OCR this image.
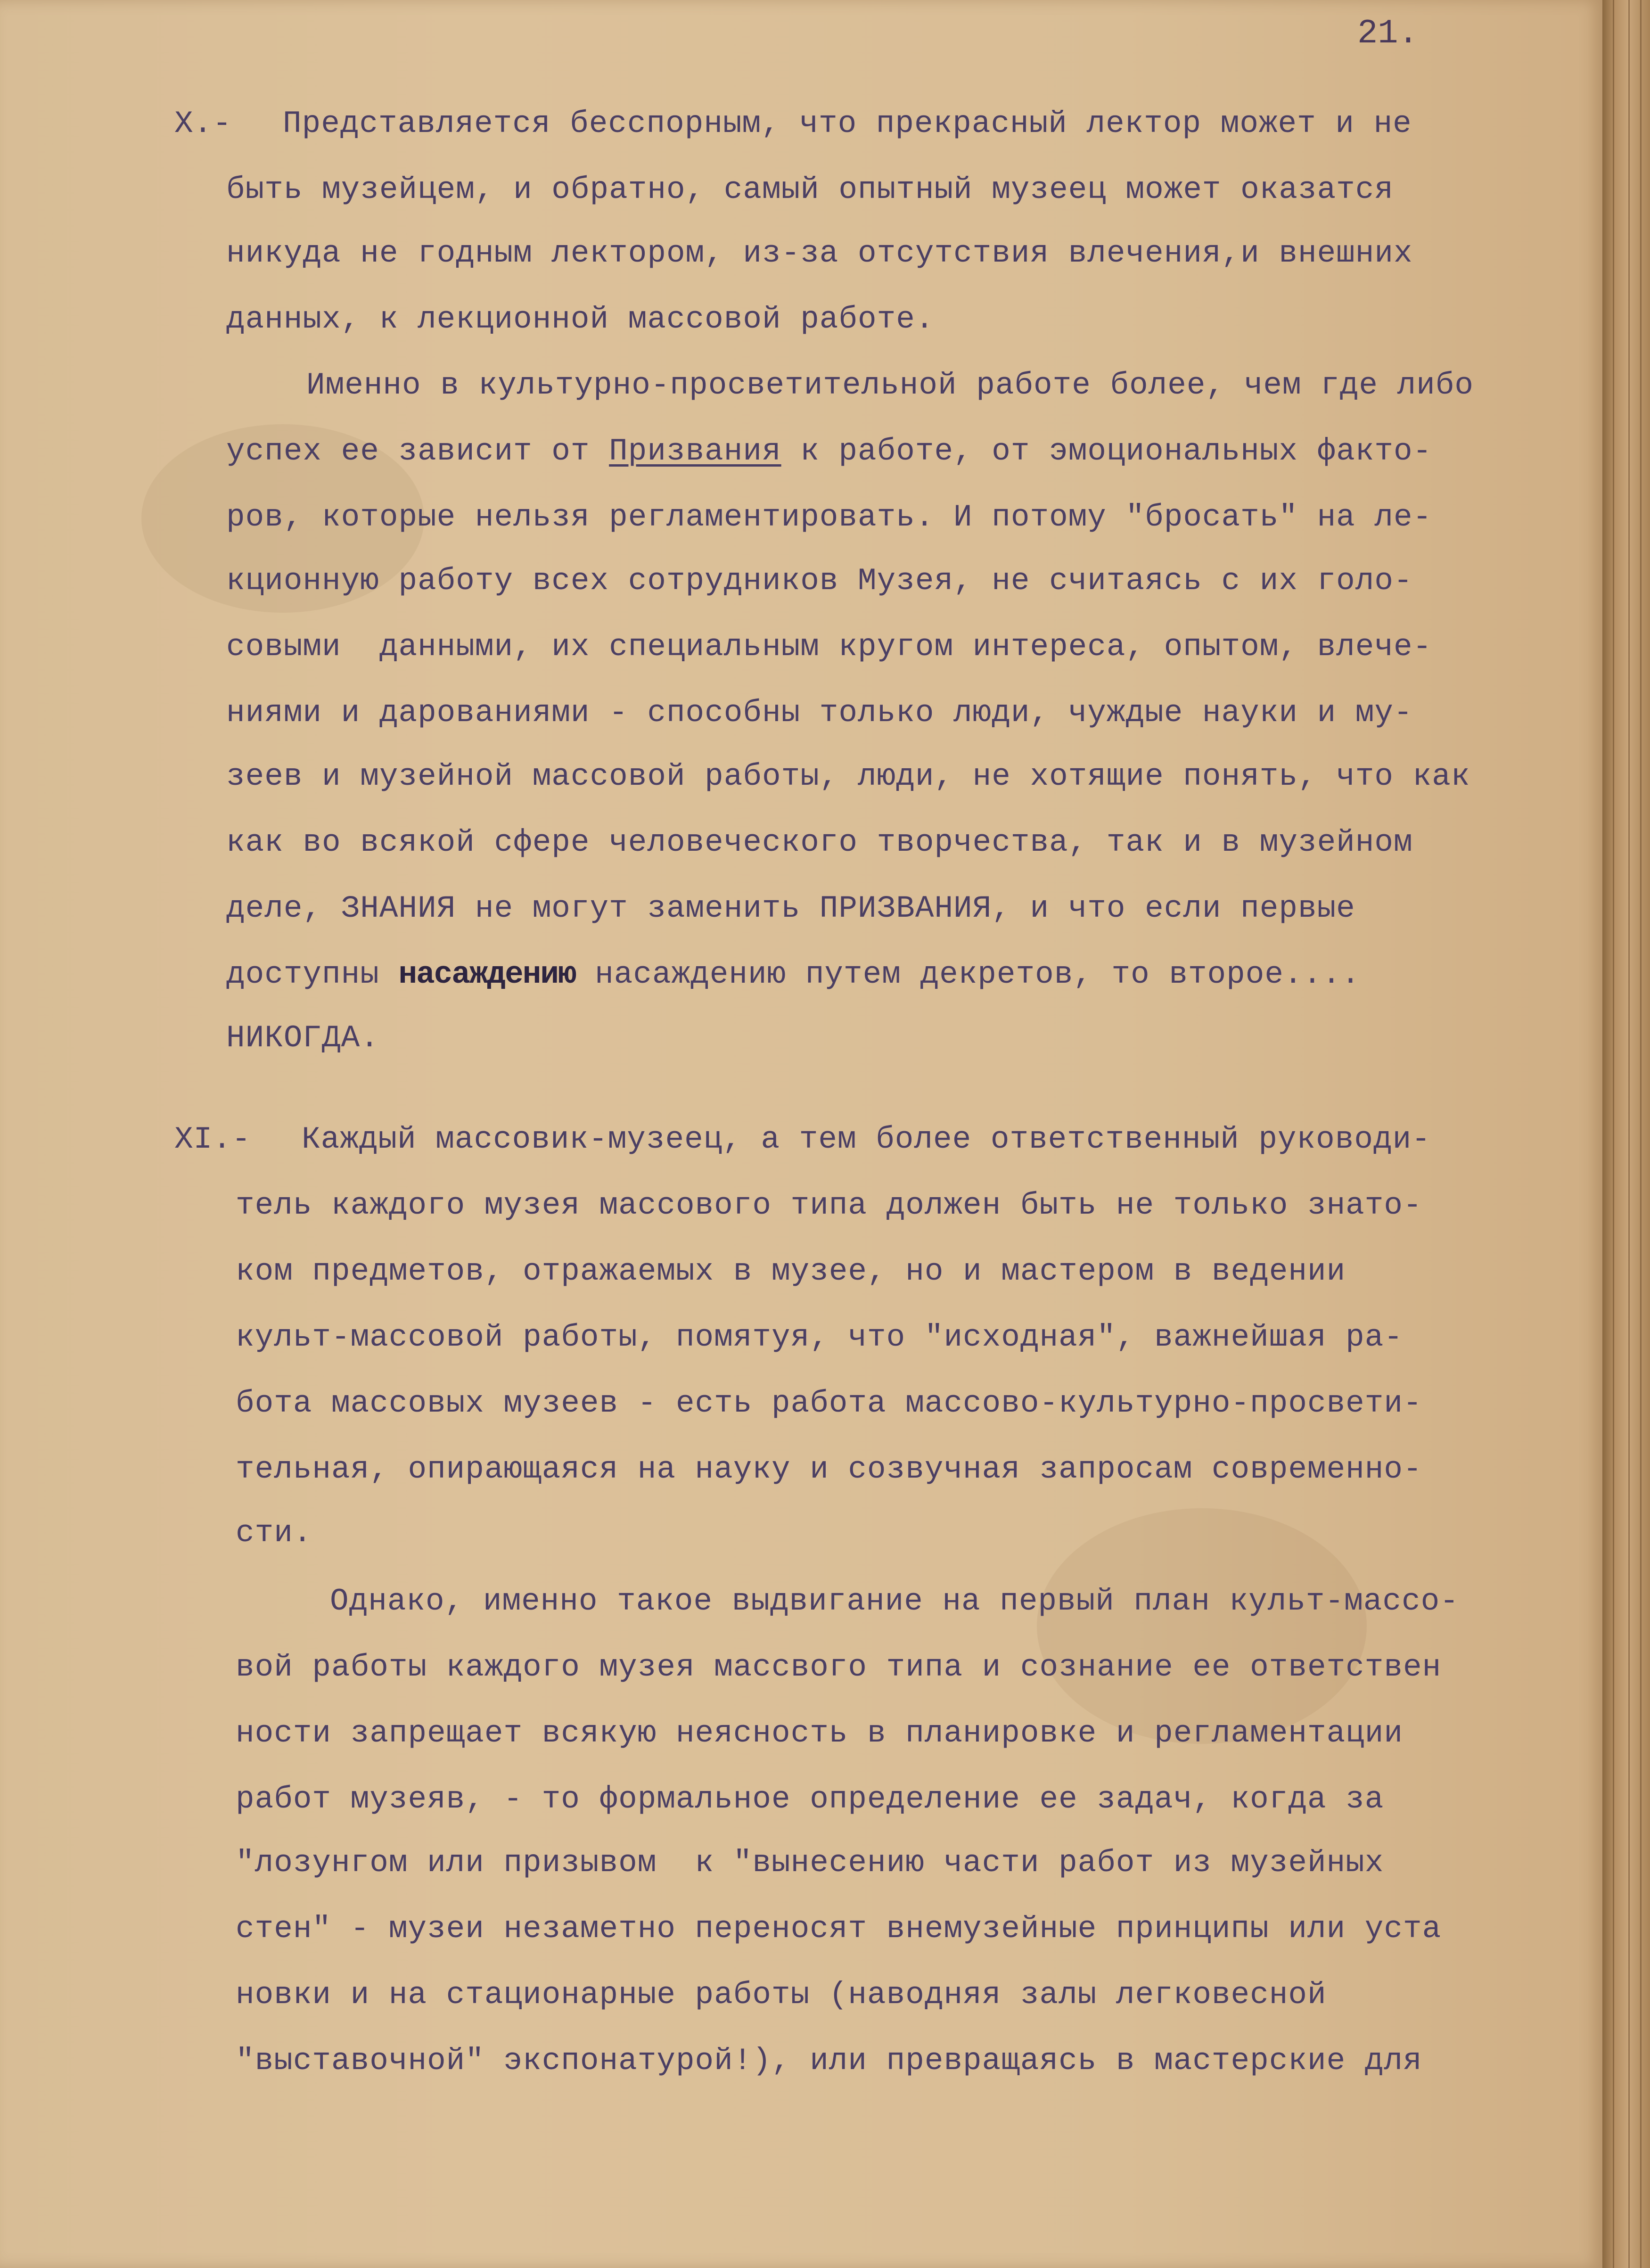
21.
X.- Представляется бесспорным, что прекрасный лектор может и не
быть музейцем, и обратно, самый опытный музеец может оказатся
никуда не годным лектором, из-за отсутствия влечения,и внешних
данных, к лекционной массовой работе.
Именно в культурно-просветительной работе более, чем где либо
успех ее зависит от Призвания к работе, от эмоциональных факто-
ров, которые нельзя регламентировать. И потому "бросать" на ле-
кционную работу всех сотрудников Музея, не считаясь с их голо-
совыми  данными, их специальным кругом интереса, опытом, влече-
ниями и дарованиями - способны только люди, чуждые науки и му-
зеев и музейной массовой работы, люди, не хотящие понять, что как
как во всякой сфере человеческого творчества, так и в музейном
деле, ЗНАНИЯ не могут заменить ПРИЗВАНИЯ, и что если первые
доступны насаждению насаждению путем декретов, то второе....
НИКОГДА.
XI.- Каждый массовик-музеец, а тем более ответственный руководи-
тель каждого музея массового типа должен быть не только знато-
ком предметов, отражаемых в музее, но и мастером в ведении
культ-массовой работы, помятуя, что "исходная", важнейшая ра-
бота массовых музеев - есть работа массово-культурно-просвети-
тельная, опирающаяся на науку и созвучная запросам современно-
сти.
Однако, именно такое выдвигание на первый план культ-массо-
вой работы каждого музея массвого типа и сознание ее ответствен
ности запрещает всякую неясность в планировке и регламентации
работ музеяв, - то формальное определение ее задач, когда за
"лозунгом или призывом  к "вынесению части работ из музейных
стен" - музеи незаметно переносят внемузейные принципы или уста
новки и на стационарные работы (наводняя залы легковесной
"выставочной" экспонатурой!), или превращаясь в мастерские для
